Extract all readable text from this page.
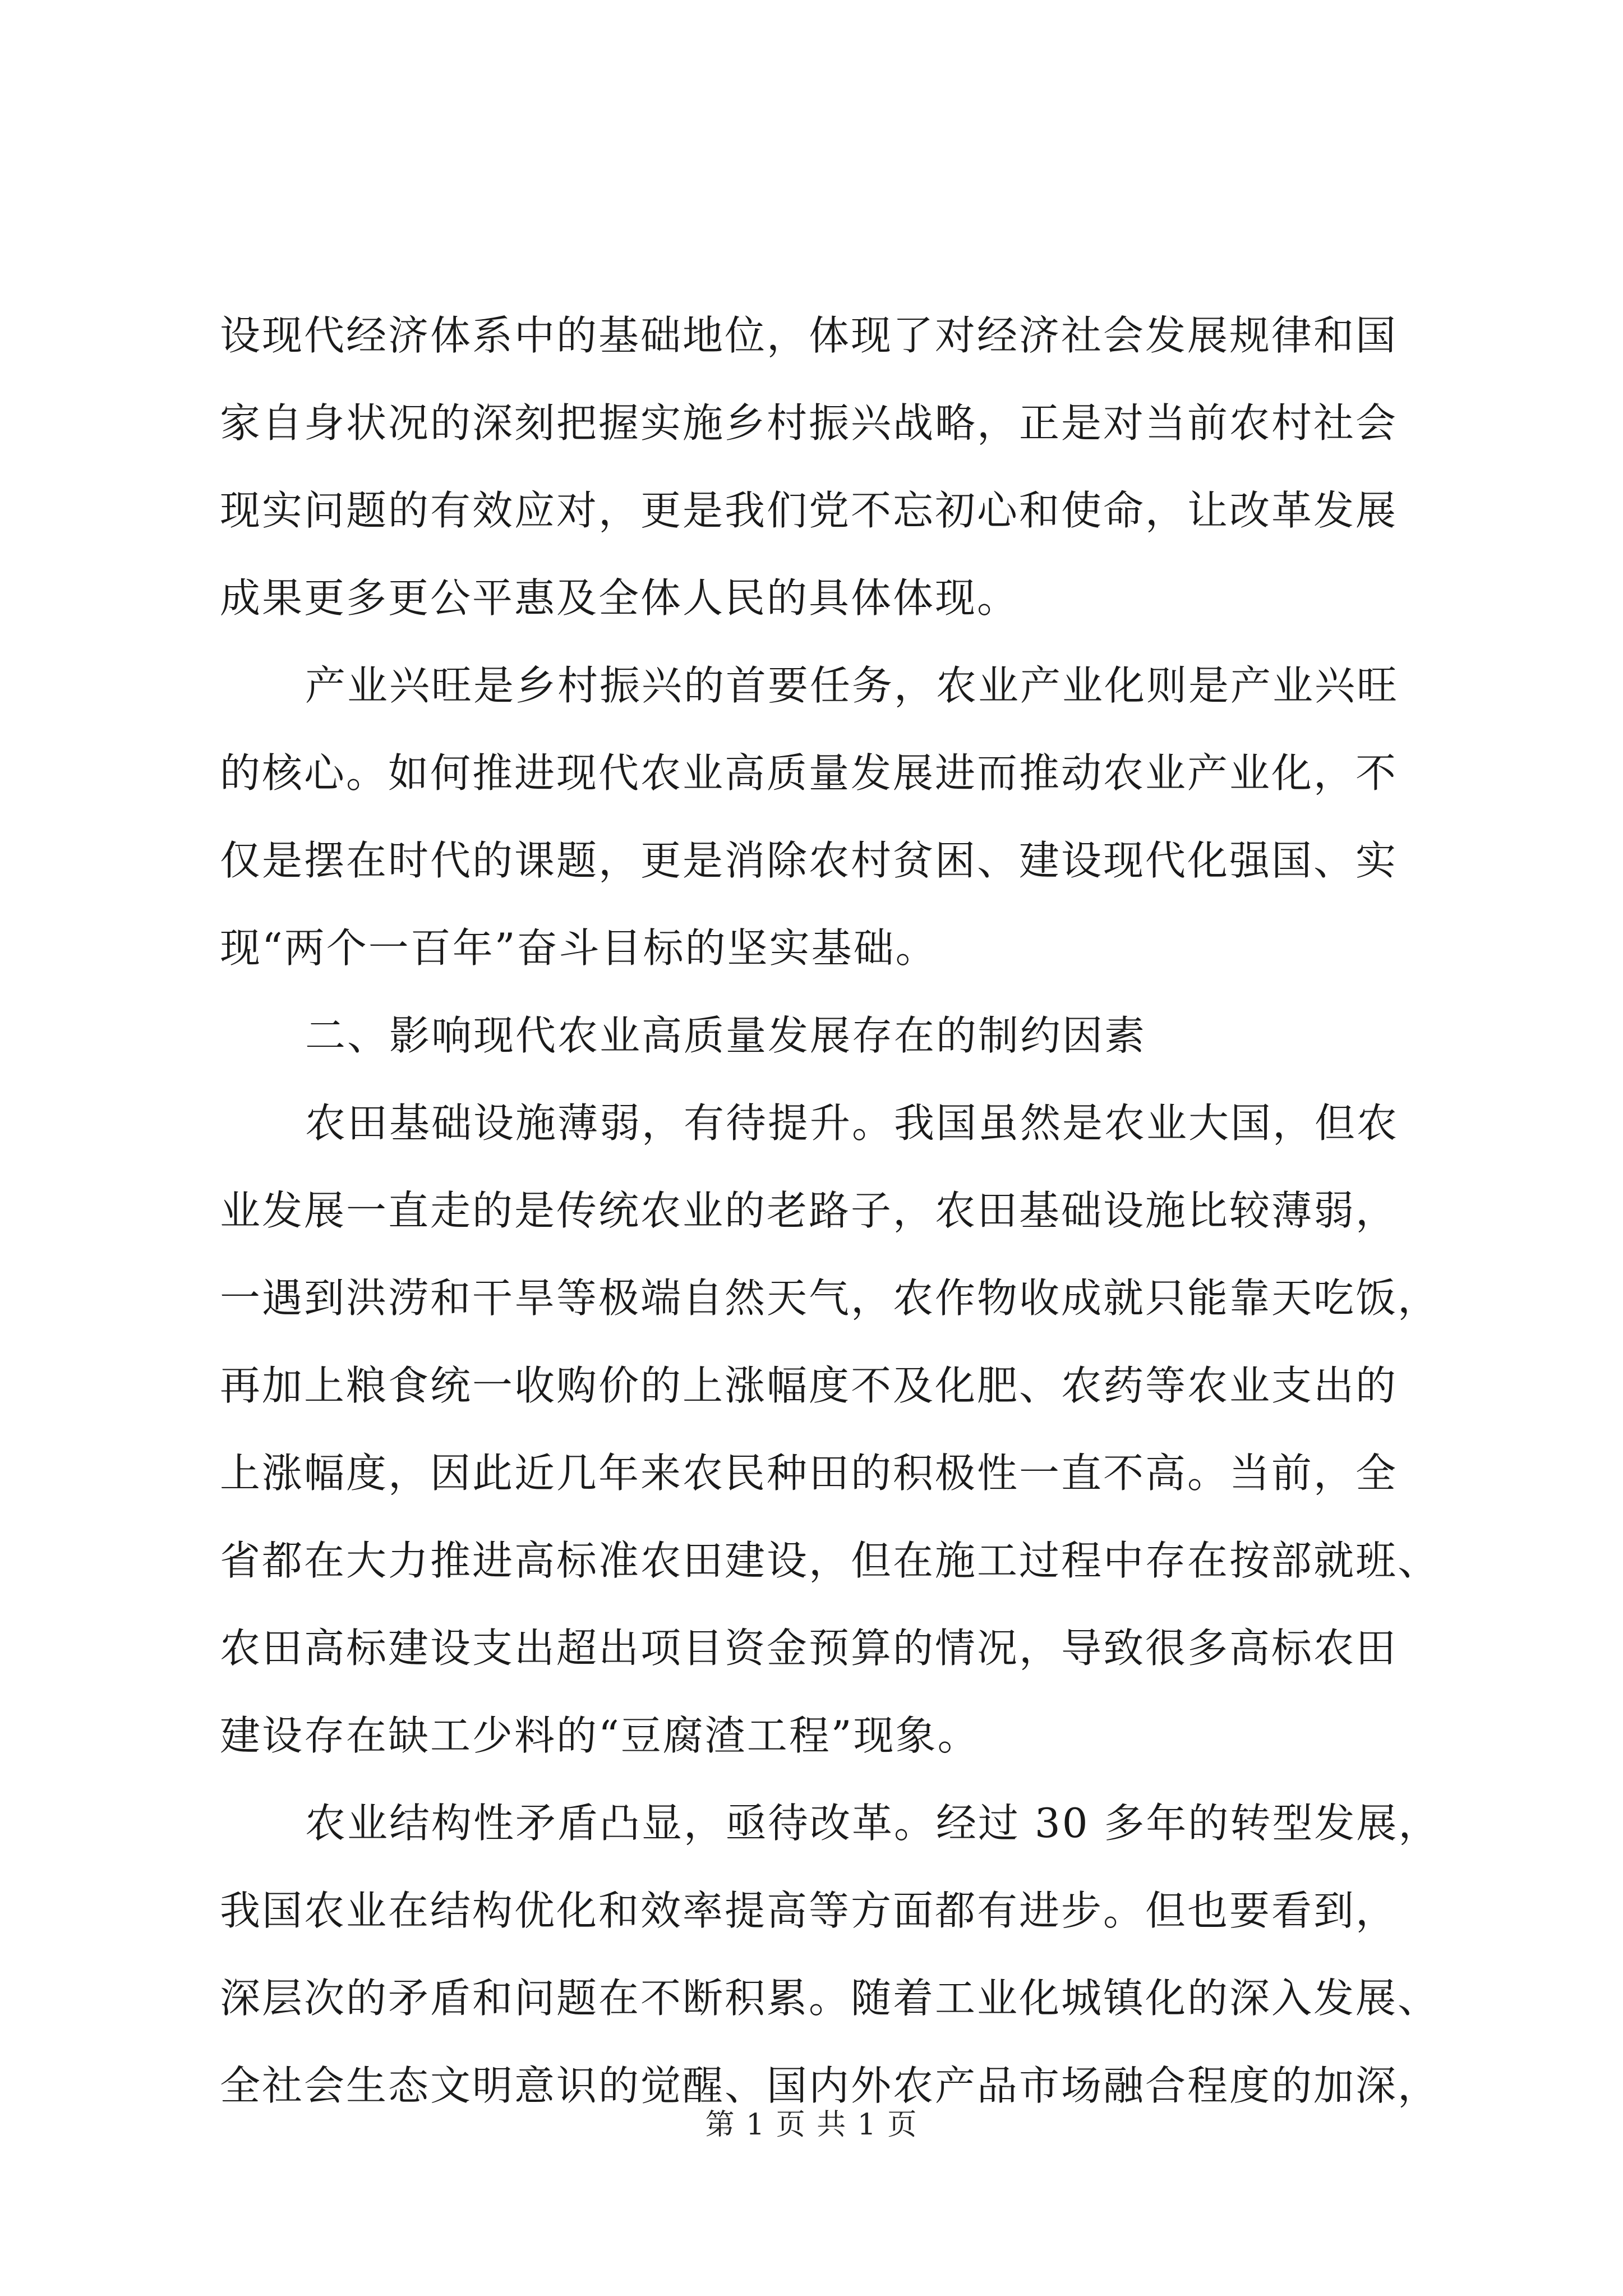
设现代经济体系中的基础地位，体现了对经济社会发展规律和国
家自身状况的深刻把握实施乡村振兴战略，正是对当前农村社会
现实问题的有效应对，更是我们党不忘初心和使命，让改革发展
成果更多更公平惠及全体人民的具体体现。
产业兴旺是乡村振兴的首要任务，农业产业化则是产业兴旺
的核心。如何推进现代农业高质量发展进而推动农业产业化，不
仅是摆在时代的课题，更是消除农村贫困、建设现代化强国、实
现“两个一百年”奋斗目标的坚实基础。
二、影响现代农业高质量发展存在的制约因素
农田基础设施薄弱，有待提升。我国虽然是农业大国，但农
业发展一直走的是传统农业的老路子，农田基础设施比较薄弱，
一遇到洪涝和干旱等极端自然天气，农作物收成就只能靠天吃饭，
再加上粮食统一收购价的上涨幅度不及化肥、农药等农业支出的
上涨幅度，因此近几年来农民种田的积极性一直不高。当前，全
省都在大力推进高标准农田建设，但在施工过程中存在按部就班、
农田高标建设支出超出项目资金预算的情况，导致很多高标农田
建设存在缺工少料的“豆腐渣工程”现象。
农业结构性矛盾凸显，亟待改革。经过 30 多年的转型发展，
我国农业在结构优化和效率提高等方面都有进步。但也要看到，
深层次的矛盾和问题在不断积累。随着工业化城镇化的深入发展、
全社会生态文明意识的觉醒、国内外农产品市场融合程度的加深，
第 1 页 共 1 页
